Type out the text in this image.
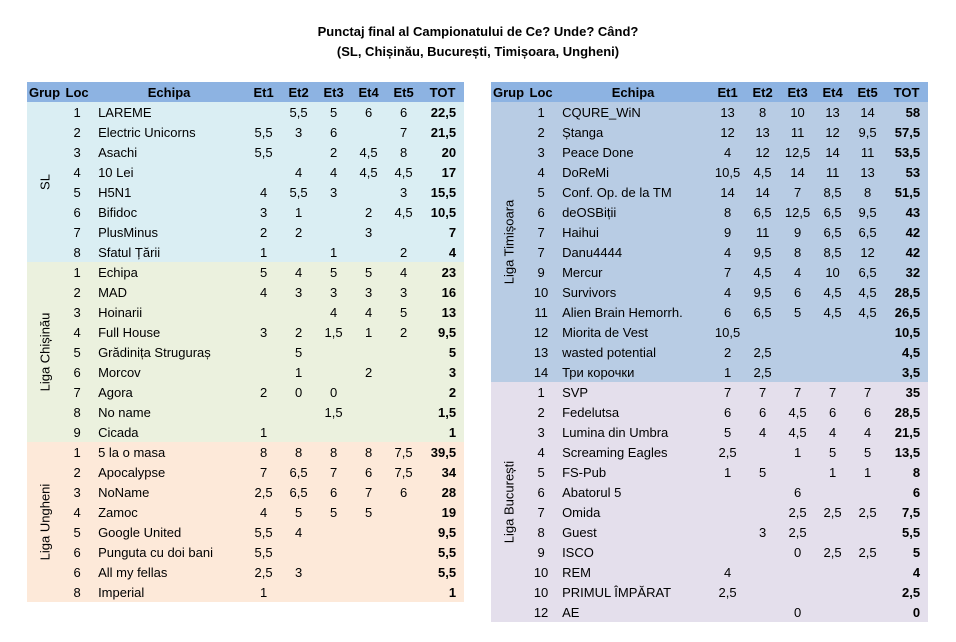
Punctaj final al Campionatului de Ce? Unde? Când?
(SL, Chișinău, București, Timișoara, Ungheni)
Grup	Loc	Echipa	Et1	Et2	Et3	Et4	Et5	TOT

SL	1	LAREME		5,5	5	6	6	22,5
	2	Electric Unicorns	5,5	3	6		7	21,5
	3	Asachi	5,5		2	4,5	8	20
	4	10 Lei		4	4	4,5	4,5	17
	5	H5N1	4	5,5	3		3	15,5
	6	Bifidoc	3	1		2	4,5	10,5
	7	PlusMinus	2	2		3		7
	8	Sfatul Țării	1		1		2	4

Liga Chișinău	1	Echipa	5	4	5	5	4	23
	2	MAD	4	3	3	3	3	16
	3	Hoinarii			4	4	5	13
	4	Full House	3	2	1,5	1	2	9,5
	5	Grădinița Struguraș		5				5
	6	Morcov		1		2		3
	7	Agora	2	0	0			2
	8	No name			1,5			1,5
	9	Cicada	1					1

Liga Ungheni	1	5 la o masa	8	8	8	8	7,5	39,5
	2	Apocalypse	7	6,5	7	6	7,5	34
	3	NoName	2,5	6,5	6	7	6	28
	4	Zamoc	4	5	5	5		19
	5	Google United	5,5	4				9,5
	6	Punguta cu doi bani	5,5					5,5
	6	All my fellas	2,5	3				5,5
	8	Imperial	1					1
Grup	Loc	Echipa	Et1	Et2	Et3	Et4	Et5	TOT

Liga Timișoara	1	CQURE_WiN	13	8	10	13	14	58
	2	Ștanga	12	13	11	12	9,5	57,5
	3	Peace Done	4	12	12,5	14	11	53,5
	4	DoReMi	10,5	4,5	14	11	13	53
	5	Conf. Op. de la TM	14	14	7	8,5	8	51,5
	6	deOSBiții	8	6,5	12,5	6,5	9,5	43
	7	Haihui	9	11	9	6,5	6,5	42
	7	Danu4444	4	9,5	8	8,5	12	42
	9	Mercur	7	4,5	4	10	6,5	32
	10	Survivors	4	9,5	6	4,5	4,5	28,5
	11	Alien Brain Hemorrh.	6	6,5	5	4,5	4,5	26,5
	12	Miorita de Vest	10,5					10,5
	13	wasted potential	2	2,5				4,5
	14	Три корочки	1	2,5				3,5

Liga București	1	SVP	7	7	7	7	7	35
	2	Fedelutsa	6	6	4,5	6	6	28,5
	3	Lumina din Umbra	5	4	4,5	4	4	21,5
	4	Screaming Eagles	2,5		1	5	5	13,5
	5	FS-Pub	1	5		1	1	8
	6	Abatorul 5			6			6
	7	Omida			2,5	2,5	2,5	7,5
	8	Guest		3	2,5			5,5
	9	ISCO			0	2,5	2,5	5
	10	REM	4					4
	10	PRIMUL ÎMPĂRAT	2,5					2,5
	12	AE			0			0
